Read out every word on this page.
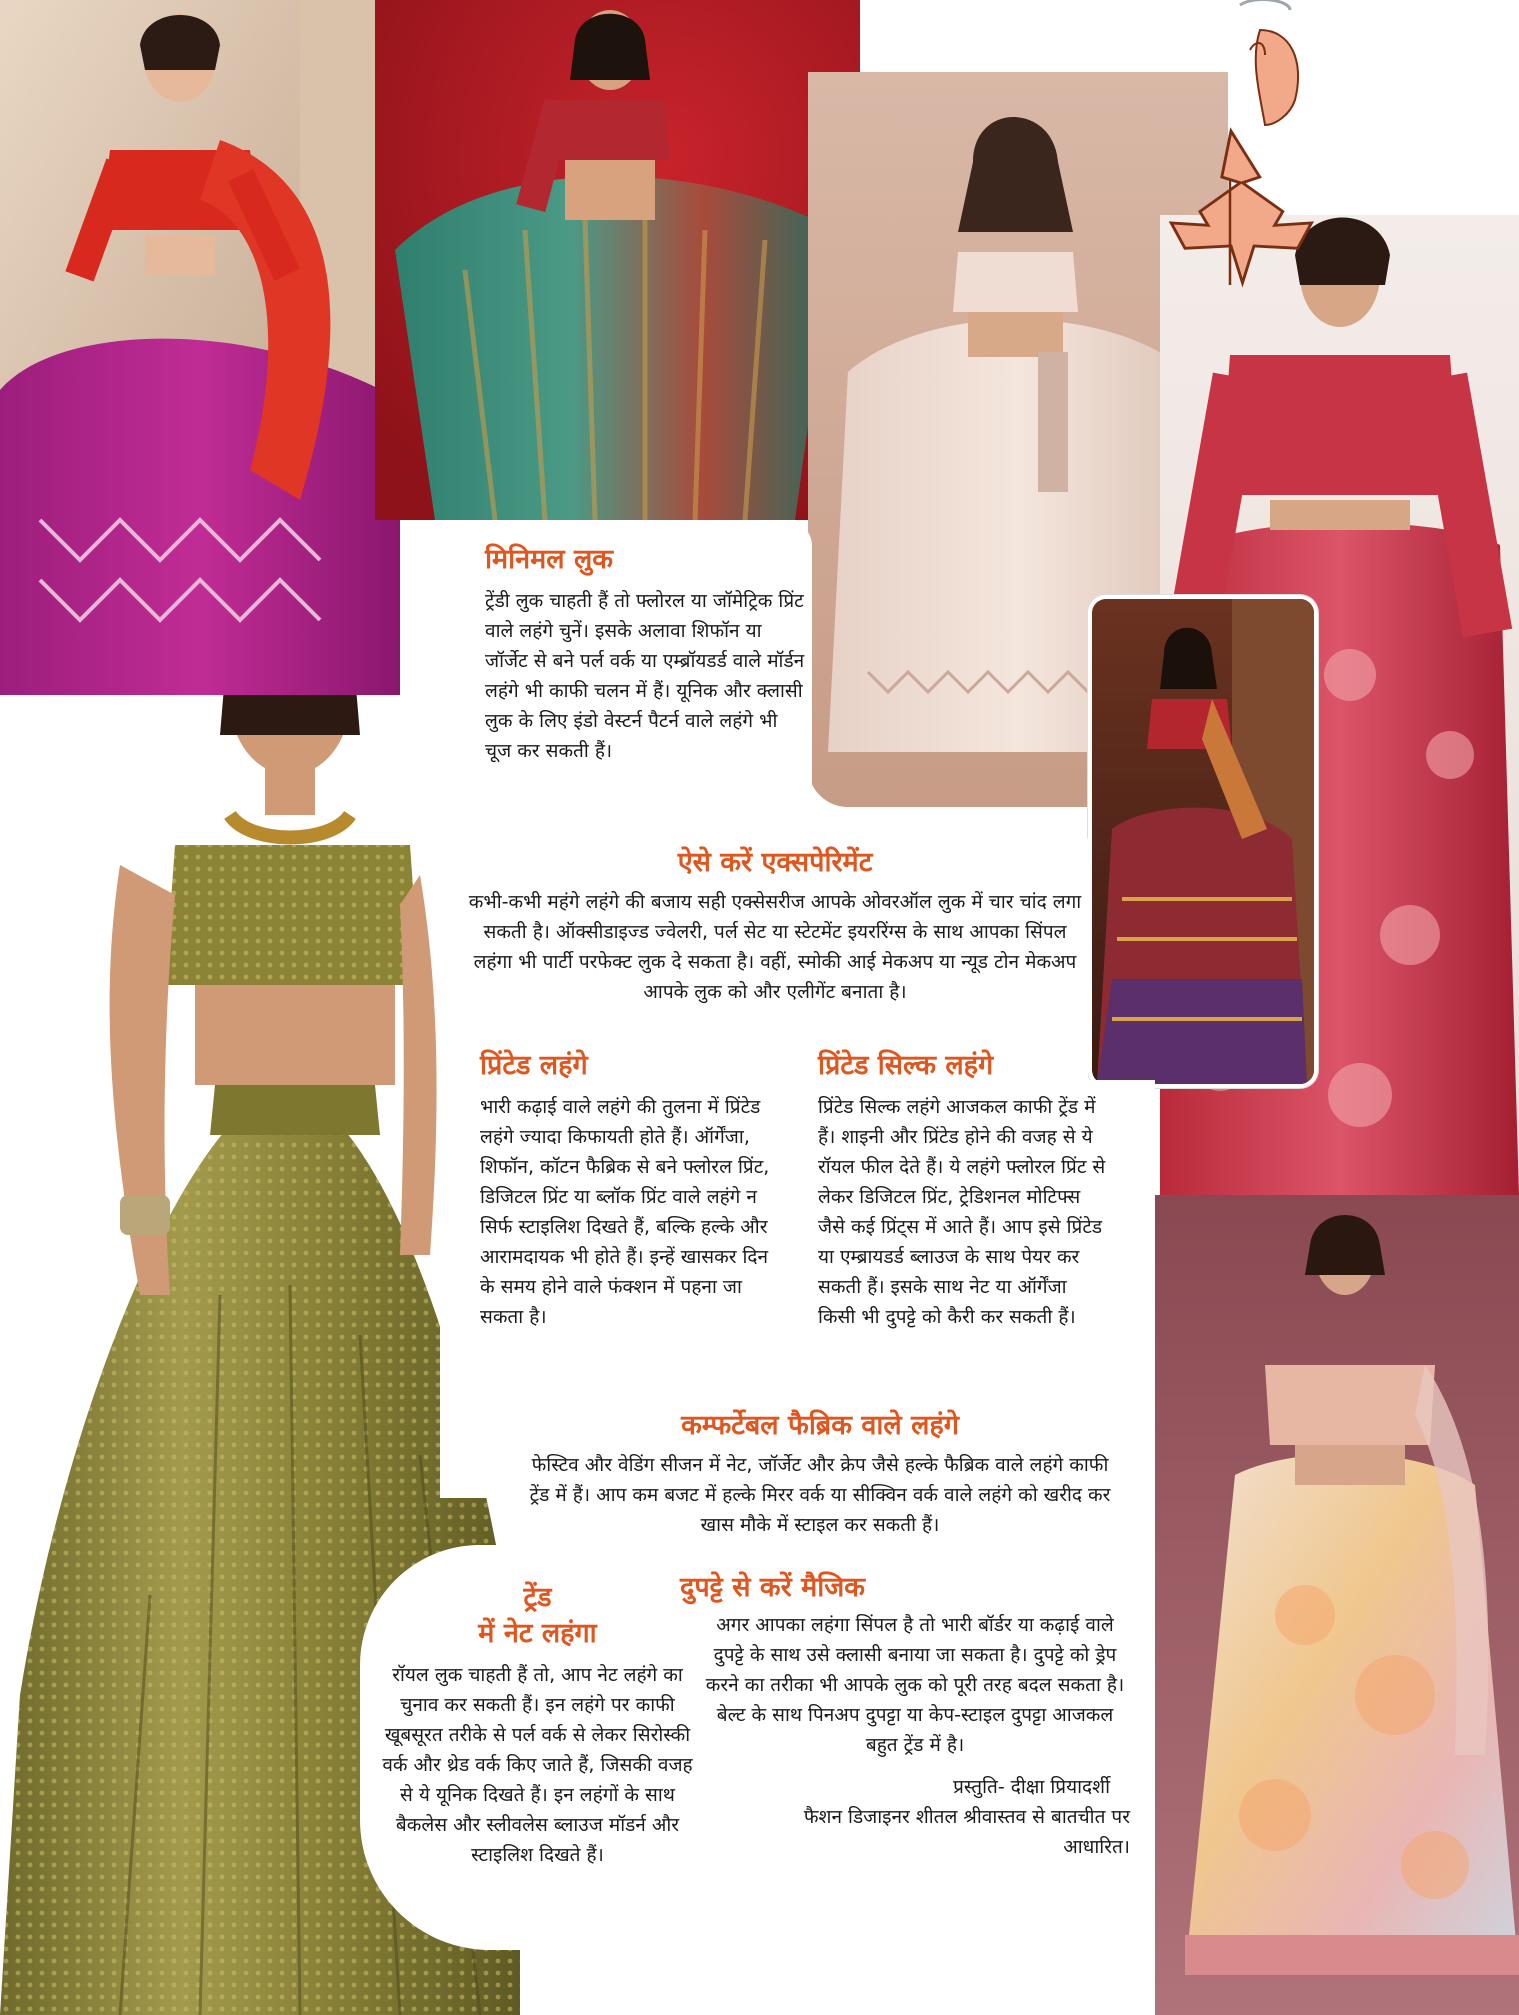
मिनिमल लुक

ट्रेंडी लुक चाहती हैं तो फ्लोरल या जॉमेट्रिक प्रिंट वाले लहंगे चुनें। इसके अलावा शिफॉन या जॉर्जेट से बने पर्ल वर्क या एम्ब्रॉयडर्ड वाले मॉर्डन लहंगे भी काफी चलन में हैं। यूनिक और क्लासी लुक के लिए इंडो वेस्टर्न पैटर्न वाले लहंगे भी चूज कर सकती हैं।

ऐसे करें एक्सपेरिमेंट

कभी-कभी महंगे लहंगे की बजाय सही एक्सेसरीज आपके ओवरऑल लुक में चार चांद लगा सकती है। ऑक्सीडाइज्ड ज्वेलरी, पर्ल सेट या स्टेटमेंट इयररिंग्स के साथ आपका सिंपल लहंगा भी पार्टी परफेक्ट लुक दे सकता है। वहीं, स्मोकी आई मेकअप या न्यूड टोन मेकअप आपके लुक को और एलीगेंट बनाता है।

प्रिंटेड लहंगे

भारी कढ़ाई वाले लहंगे की तुलना में प्रिंटेड लहंगे ज्यादा किफायती होते हैं। ऑर्गेंजा, शिफॉन, कॉटन फैब्रिक से बने फ्लोरल प्रिंट, डिजिटल प्रिंट या ब्लॉक प्रिंट वाले लहंगे न सिर्फ स्टाइलिश दिखते हैं, बल्कि हल्के और आरामदायक भी होते हैं। इन्हें खासकर दिन के समय होने वाले फंक्शन में पहना जा सकता है।

प्रिंटेड सिल्क लहंगे

प्रिंटेड सिल्क लहंगे आजकल काफी ट्रेंड में हैं। शाइनी और प्रिंटेड होने की वजह से ये रॉयल फील देते हैं। ये लहंगे फ्लोरल प्रिंट से लेकर डिजिटल प्रिंट, ट्रेडिशनल मोटिफ्स जैसे कई प्रिंट्स में आते हैं। आप इसे प्रिंटेड या एम्ब्रायडर्ड ब्लाउज के साथ पेयर कर सकती हैं। इसके साथ नेट या ऑर्गेंजा किसी भी दुपट्टे को कैरी कर सकती हैं।

कम्फर्टेबल फैब्रिक वाले लहंगे

फेस्टिव और वेडिंग सीजन में नेट, जॉर्जेट और क्रेप जैसे हल्के फैब्रिक वाले लहंगे काफी ट्रेंड में हैं। आप कम बजट में हल्के मिरर वर्क या सीक्विन वर्क वाले लहंगे को खरीद कर खास मौके में स्टाइल कर सकती हैं।

दुपट्टे से करें मैजिक

अगर आपका लहंगा सिंपल है तो भारी बॉर्डर या कढ़ाई वाले दुपट्टे के साथ उसे क्लासी बनाया जा सकता है। दुपट्टे को ड्रेप करने का तरीका भी आपके लुक को पूरी तरह बदल सकता है। बेल्ट के साथ पिनअप दुपट्टा या केप-स्टाइल दुपट्टा आजकल बहुत ट्रेंड में है।

प्रस्तुति- दीक्षा प्रियादर्शी

फैशन डिजाइनर शीतल श्रीवास्तव से बातचीत पर आधारित।

ट्रेंड
में नेट लहंगा

रॉयल लुक चाहती हैं तो, आप नेट लहंगे का चुनाव कर सकती हैं। इन लहंगे पर काफी खूबसूरत तरीके से पर्ल वर्क से लेकर सिरोस्की वर्क और थ्रेड वर्क किए जाते हैं, जिसकी वजह से ये यूनिक दिखते हैं। इन लहंगों के साथ बैकलेस और स्लीवलेस ब्लाउज मॉडर्न और स्टाइलिश दिखते हैं।
